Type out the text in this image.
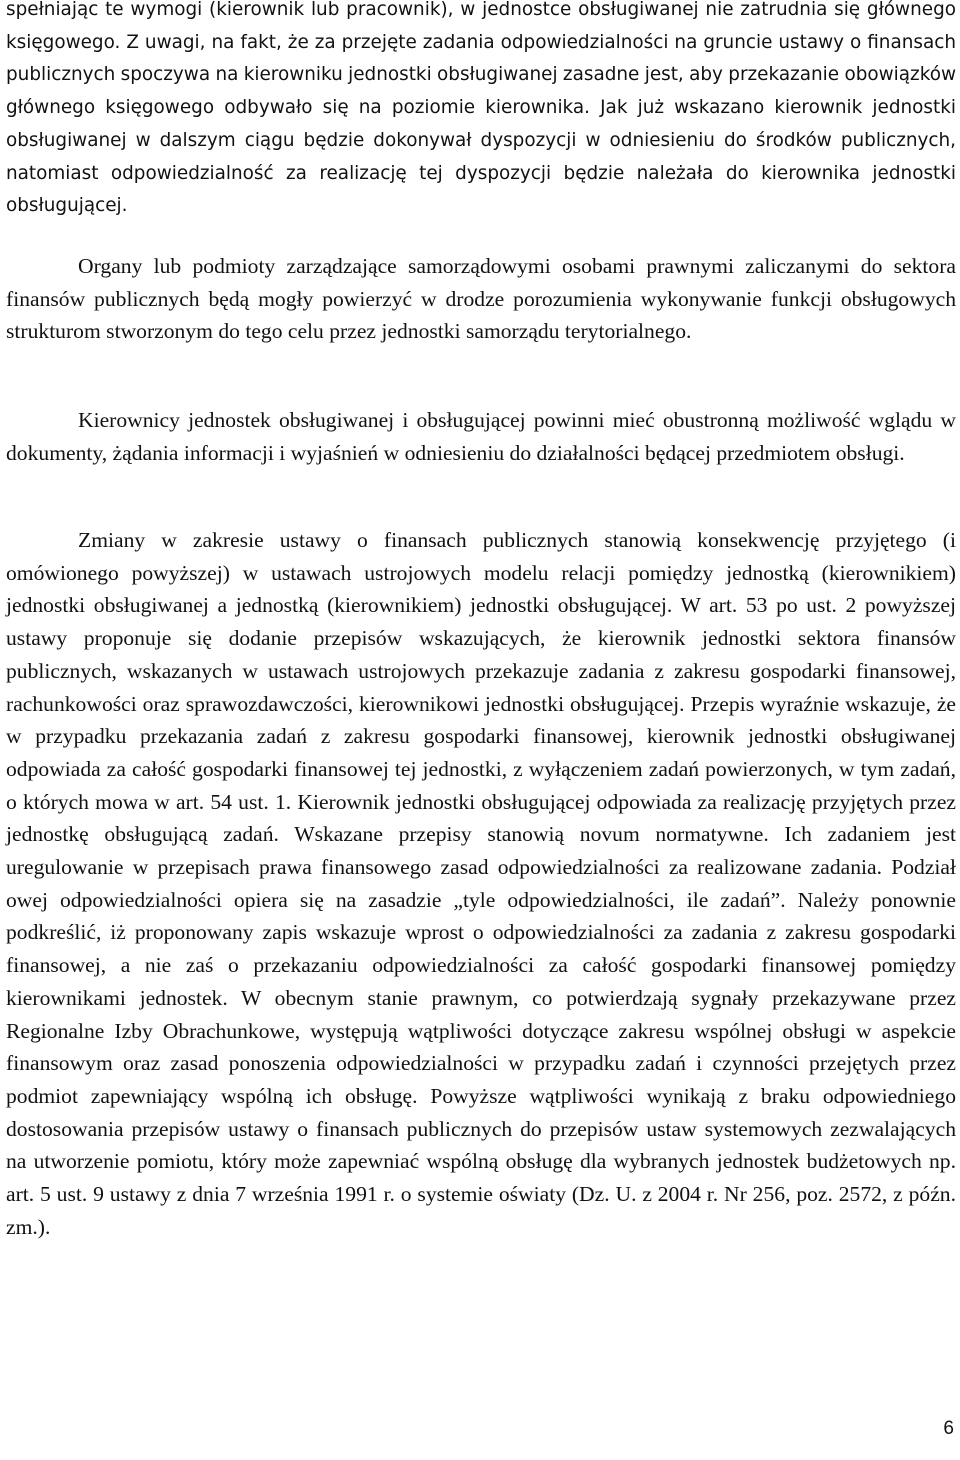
spełniając te wymogi (kierownik lub pracownik), w jednostce obsługiwanej nie zatrudnia się głównego księgowego. Z uwagi, na fakt, że za przejęte zadania odpowiedzialności na gruncie ustawy o finansach publicznych spoczywa na kierowniku jednostki obsługiwanej zasadne jest, aby przekazanie obowiązków głównego księgowego odbywało się na poziomie kierownika. Jak już wskazano kierownik jednostki obsługiwanej w dalszym ciągu będzie dokonywał dyspozycji w odniesieniu do środków publicznych, natomiast odpowiedzialność za realizację tej dyspozycji będzie należała do kierownika jednostki obsługującej.

Organy lub podmioty zarządzające samorządowymi osobami prawnymi zaliczanymi do sektora finansów publicznych będą mogły powierzyć w drodze porozumienia wykonywanie funkcji obsługowych strukturom stworzonym do tego celu przez jednostki samorządu terytorialnego.

Kierownicy jednostek obsługiwanej i obsługującej powinni mieć obustronną możliwość wglądu w dokumenty, żądania informacji i wyjaśnień w odniesieniu do działalności będącej przedmiotem obsługi.

Zmiany w zakresie ustawy o finansach publicznych stanowią konsekwencję przyjętego (i omówionego powyższej) w ustawach ustrojowych modelu relacji pomiędzy jednostką (kierownikiem) jednostki obsługiwanej a jednostką (kierownikiem) jednostki obsługującej. W art. 53 po ust. 2 powyższej ustawy proponuje się dodanie przepisów wskazujących, że kierownik jednostki sektora finansów publicznych, wskazanych w ustawach ustrojowych przekazuje zadania z zakresu gospodarki finansowej, rachunkowości oraz sprawozdawczości, kierownikowi jednostki obsługującej. Przepis wyraźnie wskazuje, że w przypadku przekazania zadań z zakresu gospodarki finansowej, kierownik jednostki obsługiwanej odpowiada za całość gospodarki finansowej tej jednostki, z wyłączeniem zadań powierzonych, w tym zadań, o których mowa w art. 54 ust. 1. Kierownik jednostki obsługującej odpowiada za realizację przyjętych przez jednostkę obsługującą zadań. Wskazane przepisy stanowią novum normatywne. Ich zadaniem jest uregulowanie w przepisach prawa finansowego zasad odpowiedzialności za realizowane zadania. Podział owej odpowiedzialności opiera się na zasadzie „tyle odpowiedzialności, ile zadań”. Należy ponownie podkreślić, iż proponowany zapis wskazuje wprost o odpowiedzialności za zadania z zakresu gospodarki finansowej, a nie zaś o przekazaniu odpowiedzialności za całość gospodarki finansowej pomiędzy kierownikami jednostek. W obecnym stanie prawnym, co potwierdzają sygnały przekazywane przez Regionalne Izby Obrachunkowe, występują wątpliwości dotyczące zakresu wspólnej obsługi w aspekcie finansowym oraz zasad ponoszenia odpowiedzialności w przypadku zadań i czynności przejętych przez podmiot zapewniający wspólną ich obsługę. Powyższe wątpliwości wynikają z braku odpowiedniego dostosowania przepisów ustawy o finansach publicznych do przepisów ustaw systemowych zezwalających na utworzenie pomiotu, który może zapewniać wspólną obsługę dla wybranych jednostek budżetowych np. art. 5 ust. 9 ustawy z dnia 7 września 1991 r. o systemie oświaty (Dz. U. z 2004 r. Nr 256, poz. 2572, z późn. zm.).

6
